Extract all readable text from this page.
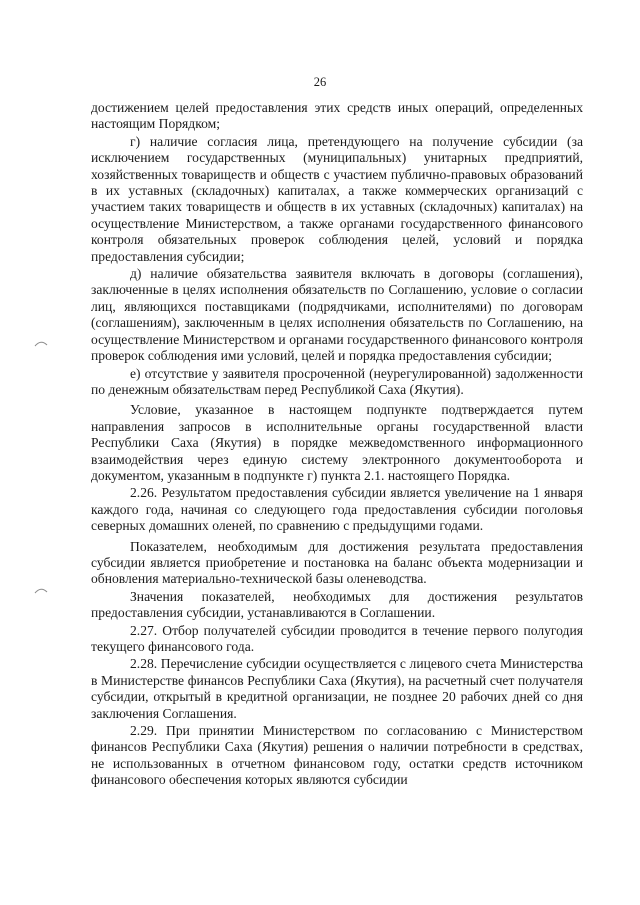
26

достижением целей предоставления этих средств иных операций, определенных настоящим Порядком;

г) наличие согласия лица, претендующего на получение субсидии (за исключением государственных (муниципальных) унитарных предприятий, хозяйственных товариществ и обществ с участием публично-правовых образований в их уставных (складочных) капиталах, а также коммерческих организаций с участием таких товариществ и обществ в их уставных (складочных) капиталах) на осуществление Министерством, а также органами государственного финансового контроля обязательных проверок соблюдения целей, условий и порядка предоставления субсидии;

д) наличие обязательства заявителя включать в договоры (соглашения), заключенные в целях исполнения обязательств по Соглашению, условие о согласии лиц, являющихся поставщиками (подрядчиками, исполнителями) по договорам (соглашениям), заключенным в целях исполнения обязательств по Соглашению, на осуществление Министерством и органами государственного финансового контроля проверок соблюдения ими условий, целей и порядка предоставления субсидии;

е) отсутствие у заявителя просроченной (неурегулированной) задолженности по денежным обязательствам перед Республикой Саха (Якутия).

Условие, указанное в настоящем подпункте подтверждается путем направления запросов в исполнительные органы государственной власти Республики Саха (Якутия) в порядке межведомственного информационного взаимодействия через единую систему электронного документооборота и документом, указанным в подпункте г) пункта 2.1. настоящего Порядка.

2.26. Результатом предоставления субсидии является увеличение на 1 января каждого года, начиная со следующего года предоставления субсидии поголовья северных домашних оленей, по сравнению с предыдущими годами.

Показателем, необходимым для достижения результата предоставления субсидии является приобретение и постановка на баланс объекта модернизации и обновления материально-технической базы оленеводства.

Значения показателей, необходимых для достижения результатов предоставления субсидии, устанавливаются в Соглашении.

2.27. Отбор получателей субсидии проводится в течение первого полугодия текущего финансового года.

2.28. Перечисление субсидии осуществляется с лицевого счета Министерства в Министерстве финансов Республики Саха (Якутия), на расчетный счет получателя субсидии, открытый в кредитной организации, не позднее 20 рабочих дней со дня заключения Соглашения.

2.29. При принятии Министерством по согласованию с Министерством финансов Республики Саха (Якутия) решения о наличии потребности в средствах, не использованных в отчетном финансовом году, остатки средств источником финансового обеспечения которых являются субсидии
